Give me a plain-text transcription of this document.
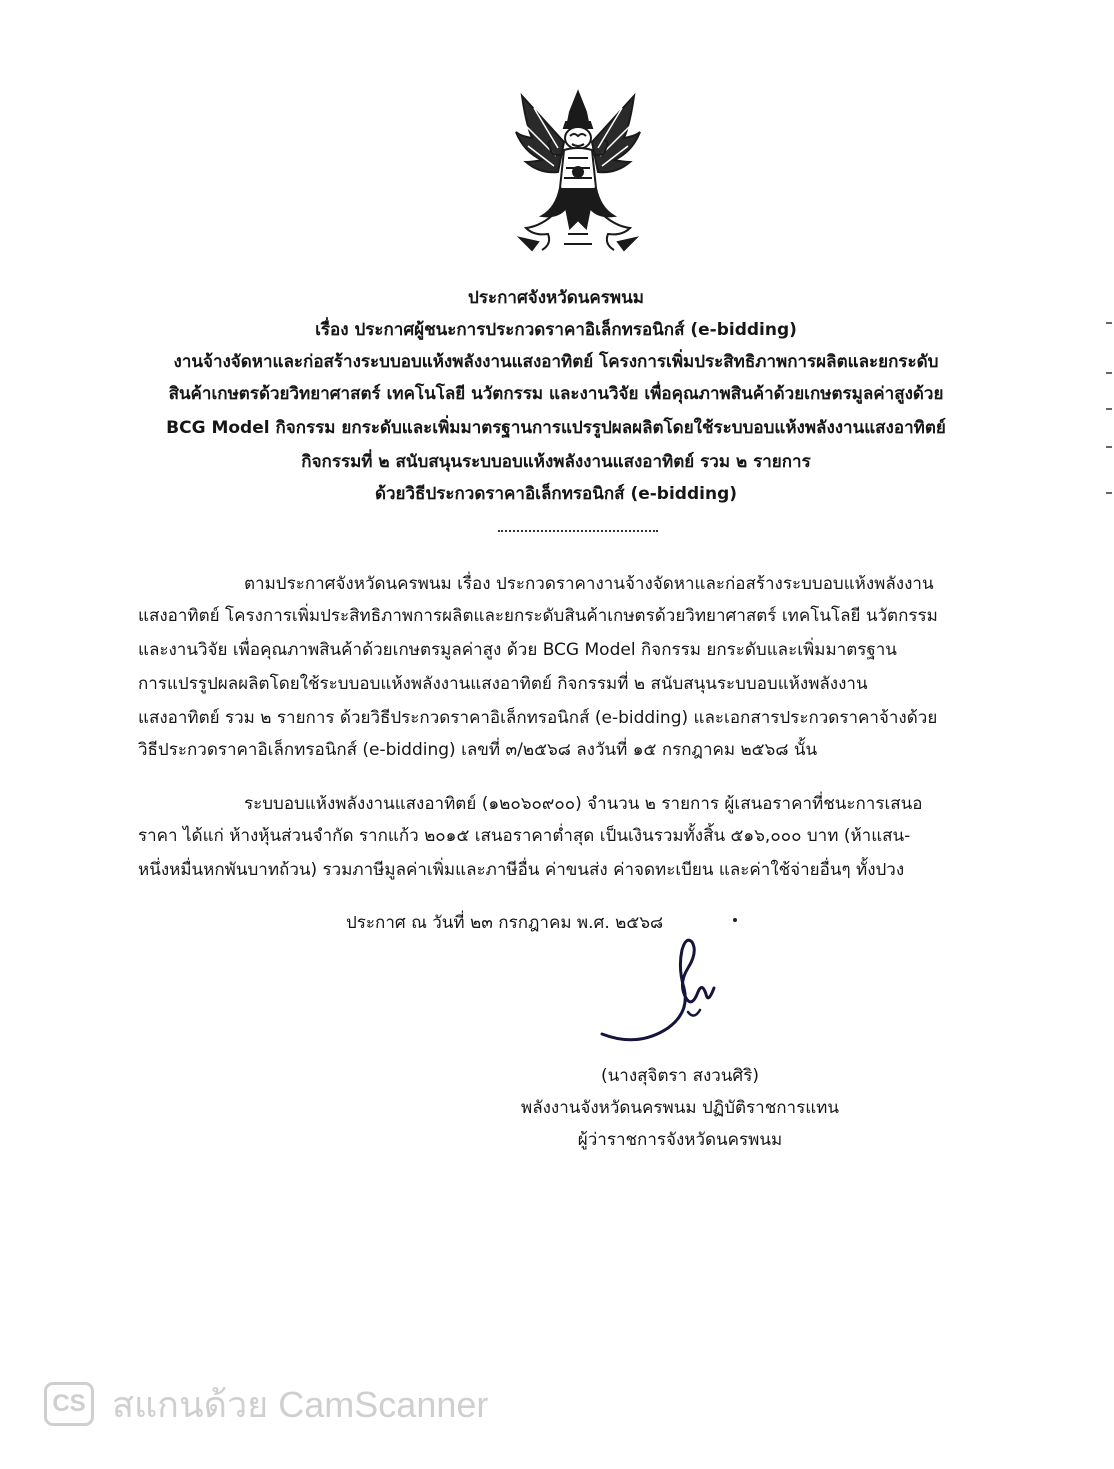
ประกาศจังหวัดนครพนม
เรื่อง ประกาศผู้ชนะการประกวดราคาอิเล็กทรอนิกส์ (e-bidding)
งานจ้างจัดหาและก่อสร้างระบบอบแห้งพลังงานแสงอาทิตย์ โครงการเพิ่มประสิทธิภาพการผลิตและยกระดับ
สินค้าเกษตรด้วยวิทยาศาสตร์ เทคโนโลยี นวัตกรรม และงานวิจัย เพื่อคุณภาพสินค้าด้วยเกษตรมูลค่าสูงด้วย
BCG Model กิจกรรม ยกระดับและเพิ่มมาตรฐานการแปรรูปผลผลิตโดยใช้ระบบอบแห้งพลังงานแสงอาทิตย์
กิจกรรมที่ ๒ สนับสนุนระบบอบแห้งพลังงานแสงอาทิตย์ รวม ๒ รายการ
ด้วยวิธีประกวดราคาอิเล็กทรอนิกส์ (e-bidding)
ตามประกาศจังหวัดนครพนม เรื่อง ประกวดราคางานจ้างจัดหาและก่อสร้างระบบอบแห้งพลังงาน
แสงอาทิตย์ โครงการเพิ่มประสิทธิภาพการผลิตและยกระดับสินค้าเกษตรด้วยวิทยาศาสตร์ เทคโนโลยี นวัตกรรม
และงานวิจัย เพื่อคุณภาพสินค้าด้วยเกษตรมูลค่าสูง ด้วย BCG Model กิจกรรม ยกระดับและเพิ่มมาตรฐาน
การแปรรูปผลผลิตโดยใช้ระบบอบแห้งพลังงานแสงอาทิตย์ กิจกรรมที่ ๒ สนับสนุนระบบอบแห้งพลังงาน
แสงอาทิตย์ รวม ๒ รายการ ด้วยวิธีประกวดราคาอิเล็กทรอนิกส์ (e-bidding) และเอกสารประกวดราคาจ้างด้วย
วิธีประกวดราคาอิเล็กทรอนิกส์ (e-bidding) เลขที่ ๓/๒๕๖๘ ลงวันที่ ๑๕ กรกฎาคม ๒๕๖๘ นั้น
ระบบอบแห้งพลังงานแสงอาทิตย์ (๑๒๐๖๐๙๐๐) จำนวน ๒ รายการ ผู้เสนอราคาที่ชนะการเสนอ
ราคา ได้แก่ ห้างหุ้นส่วนจำกัด รากแก้ว ๒๐๑๕ เสนอราคาต่ำสุด เป็นเงินรวมทั้งสิ้น ๕๑๖,๐๐๐ บาท (ห้าแสน-
หนึ่งหมื่นหกพันบาทถ้วน) รวมภาษีมูลค่าเพิ่มและภาษีอื่น ค่าขนส่ง ค่าจดทะเบียน และค่าใช้จ่ายอื่นๆ ทั้งปวง
ประกาศ ณ วันที่ ๒๓ กรกฎาคม พ.ศ. ๒๕๖๘
(นางสุจิตรา สงวนศิริ)
พลังงานจังหวัดนครพนม ปฏิบัติราชการแทน
ผู้ว่าราชการจังหวัดนครพนม
CS สแกนด้วย CamScanner
